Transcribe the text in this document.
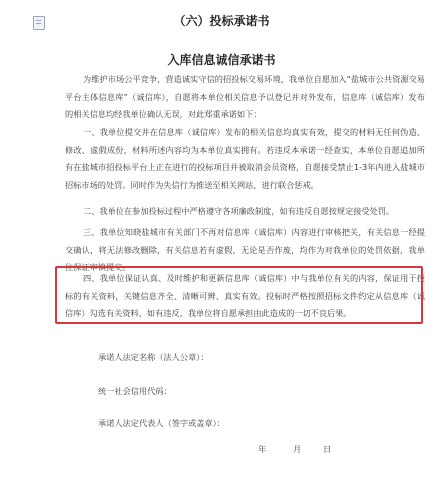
（六）投标承诺书
入库信息诚信承诺书

为维护市场公平竞争，营造诚实守信的招投标交易环境，我单位自愿加入“盐城市公共资源交易平台主体信息库”（诚信库），自愿将本单位相关信息予以登记并对外发布，信息库（诚信库）发布的相关信息均经我单位确认无误，对此郑重承诺如下：

一、我单位提交并在信息库（诚信库）发布的相关信息均真实有效，提交的材料无任何伪造、修改、虚假成份，材料所述内容均为本单位真实拥有。若违反本承诺一经查实，本单位自愿追加所有在盐城市招投标平台上正在进行的投标项目并被取消会员资格，自愿接受禁止1-3年内进入盐城市招标市场的处罚。同时作为失信行为推送至相关网站，进行联合惩戒。

二、我单位在参加投标过程中严格遵守各项廉政制度，如有违反自愿按规定接受处罚。

三、我单位知晓盐城市有关部门不再对信息库（诚信库）内容进行审核把关，有关信息一经提交确认，将无法修改删除，有关信息若有虚假，无论是否作废，均作为对我单位的处罚依据，我单位保证审慎提交。

四、我单位保证认真、及时维护和更新信息库（诚信库）中与我单位有关的内容，保证用于投标的有关资料，关键信息齐全、清晰可辨、真实有效。投标时严格按照招标文件约定从信息库（诚信库）勾选有关资料，如有违反，我单位将自愿承担由此造成的一切不良后果。

承诺人法定名称（法人公章）：
统一社会信用代码：
承诺人法定代表人（签字或盖章）：
年	月	日
